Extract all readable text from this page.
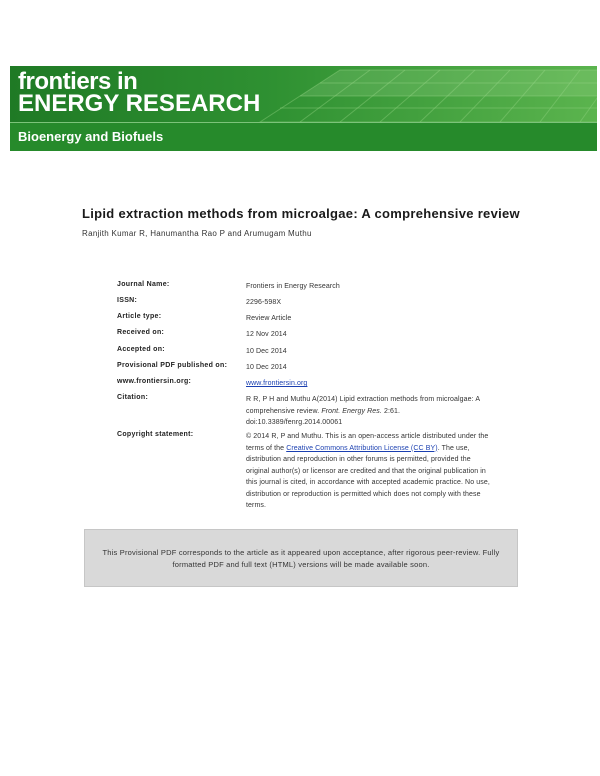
frontiers in
ENERGY RESEARCH
Bioenergy and Biofuels
Lipid extraction methods from microalgae: A comprehensive review
Ranjith Kumar R, Hanumantha Rao P and Arumugam Muthu
Journal Name:	Frontiers in Energy Research
ISSN:	2296-598X
Article type:	Review Article
Received on:	12 Nov 2014
Accepted on:	10 Dec 2014
Provisional PDF published on:	10 Dec 2014
www.frontiersin.org:	www.frontiersin.org
Citation:	R R, P H and Muthu A(2014) Lipid extraction methods from microalgae: A comprehensive review. Front. Energy Res. 2:61. doi:10.3389/fenrg.2014.00061
Copyright statement:	© 2014 R, P and Muthu. This is an open-access article distributed under the terms of the Creative Commons Attribution License (CC BY). The use, distribution and reproduction in other forums is permitted, provided the original author(s) or licensor are credited and that the original publication in this journal is cited, in accordance with accepted academic practice. No use, distribution or reproduction is permitted which does not comply with these terms.
This Provisional PDF corresponds to the article as it appeared upon acceptance, after rigorous peer-review. Fully formatted PDF and full text (HTML) versions will be made available soon.
